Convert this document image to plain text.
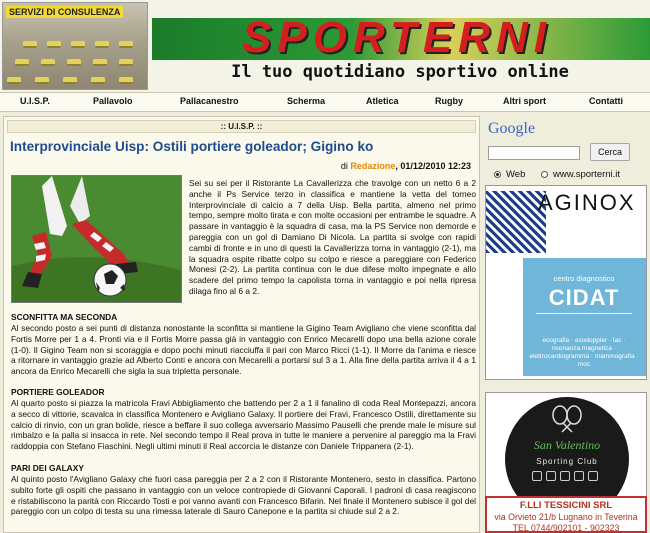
SERVIZI DI CONSULENZA
SPORTERNI
Il tuo quotidiano sportivo online
U.I.S.P.	Pallavolo	Pallacanestro	Scherma	Atletica	Rugby	Altri sport	Contatti
:: U.I.S.P. ::
Interprovinciale Uisp: Ostili portiere goleador; Gigino ko
di Redazione, 01/12/2010 12:23
Sei su sei per il Ristorante La Cavallerizza che travolge con un netto 6 a 2 anche il Ps Service terzo in classifica e mantiene la vetta del torneo Interprovinciale di calcio a 7 della Uisp. Bella partita, almeno nel primo tempo, sempre molto tirata e con molte occasioni per entrambe le squadre. A passare in vantaggio è la squadra di casa, ma la PS Service non demorde e pareggia con un gol di Damiano Di Nicola. La partita si svolge con rapidi cambi di fronte e in uno di questi la Cavallerizza torna in vantaggio (2-1), ma la squadra ospite ribatte colpo su colpo e riesce a pareggiare con Federico Monesi (2-2). La partita continua con le due difese molto impegnate e allo scadere del primo tempo la capolista torna in vantaggio e poi nella ripresa dilaga fino al 6 a 2.
SCONFITTA MA SECONDA
Al secondo posto a sei punti di distanza nonostante la sconfitta si mantiene la Gigino Team Avigliano che viene sconfitta dal Fortis Morre per 1 a 4. Pronti via e il Fortis Morre passa già in vantaggio con Enrico Mecarelli dopo una bella azione corale (1-0). Il Gigino Team non si scoraggia e dopo pochi minuti riacciuffa il pari con Marco Ricci (1-1). Il Morre da l'anima e riesce a ritornare in vantaggio grazie ad Alberto Conti e ancora con Mecarelli a portarsi sul 3 a 1. Alla fine della partita arriva il 4 a 1 ancora da Enrico Mecarelli che sigla la sua tripletta personale.
PORTIERE GOLEADOR
Al quarto posto si piazza la matricola Fravi Abbigliamento che battendo per 2 a 1 il fanalino di coda Real Montepazzi, ancora a secco di vittorie, scavalca in classifica Montenero e Avigliano Galaxy. Il portiere dei Fravi, Francesco Ostili, direttamente su calcio di rinvio, con un gran bolide, riesce a beffare il suo collega avversario Massimo Pauselli che prende male le misure sul rimbalzo e la palla si insacca in rete. Nel secondo tempo il Real prova in tutte le maniere a pervenire al pareggio ma la Fravi raddoppia con Stefano Fiaschini. Negli ultimi minuti il Real accorcia le distanze con Daniele Trippanera (2-1).
PARI DEI GALAXY
Al quinto posto l'Avigliano Galaxy che fuori casa pareggia per 2 a 2 con il Ristorante Montenero, sesto in classifica. Partono subito forte gli ospiti che passano in vantaggio con un veloce contropiede di Giovanni Caporali. I padroni di casa reagiscono e ristabiliscono la parità con Riccardo Tosti e poi vanno avanti con Francesco Bifarin. Nel finale il Montenero subisce il gol del pareggio con un colpo di testa su una rimessa laterale di Sauro Canepone e la partita si chiude sul 2 a 2.
Google
Cerca
Web	www.sporterni.it
AGINOX
centro diagnostico
CIDAT
ecografia · ecodoppler · tac · risonanza magnetica · elettrocardiogramma · mammografia · moc
San Valentino
Sporting Club
F.LLI TESSICINI SRL
via Orvieto 21/b Lugnano in Teverina
TEL 0744/902101 - 902323
